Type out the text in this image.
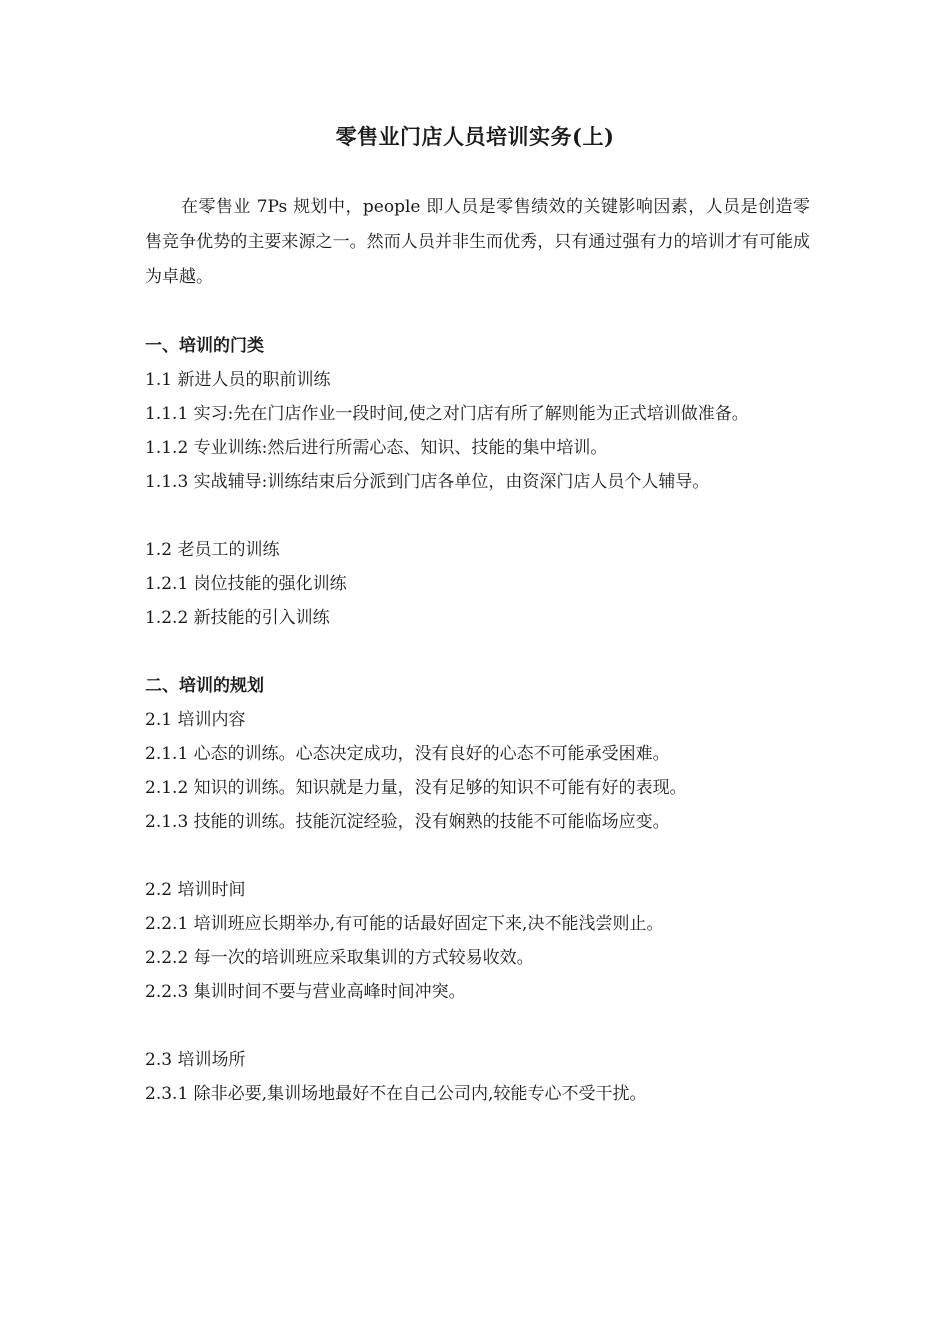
零售业门店人员培训实务(上)

在零售业 7Ps 规划中，people 即人员是零售绩效的关键影响因素，人员是创造零售竞争优势的主要来源之一。然而人员并非生而优秀，只有通过强有力的培训才有可能成为卓越。

一、培训的门类

1.1 新进人员的职前训练

1.1.1 实习:先在门店作业一段时间,使之对门店有所了解则能为正式培训做准备。

1.1.2 专业训练:然后进行所需心态、知识、技能的集中培训。

1.1.3 实战辅导:训练结束后分派到门店各单位，由资深门店人员个人辅导。

1.2 老员工的训练

1.2.1 岗位技能的强化训练

1.2.2 新技能的引入训练

二、培训的规划

2.1 培训内容

2.1.1 心态的训练。心态决定成功，没有良好的心态不可能承受困难。

2.1.2 知识的训练。知识就是力量，没有足够的知识不可能有好的表现。

2.1.3 技能的训练。技能沉淀经验，没有娴熟的技能不可能临场应变。

2.2 培训时间

2.2.1 培训班应长期举办,有可能的话最好固定下来,决不能浅尝则止。

2.2.2 每一次的培训班应采取集训的方式较易收效。

2.2.3 集训时间不要与营业高峰时间冲突。

2.3 培训场所

2.3.1 除非必要,集训场地最好不在自己公司内,较能专心不受干扰。
